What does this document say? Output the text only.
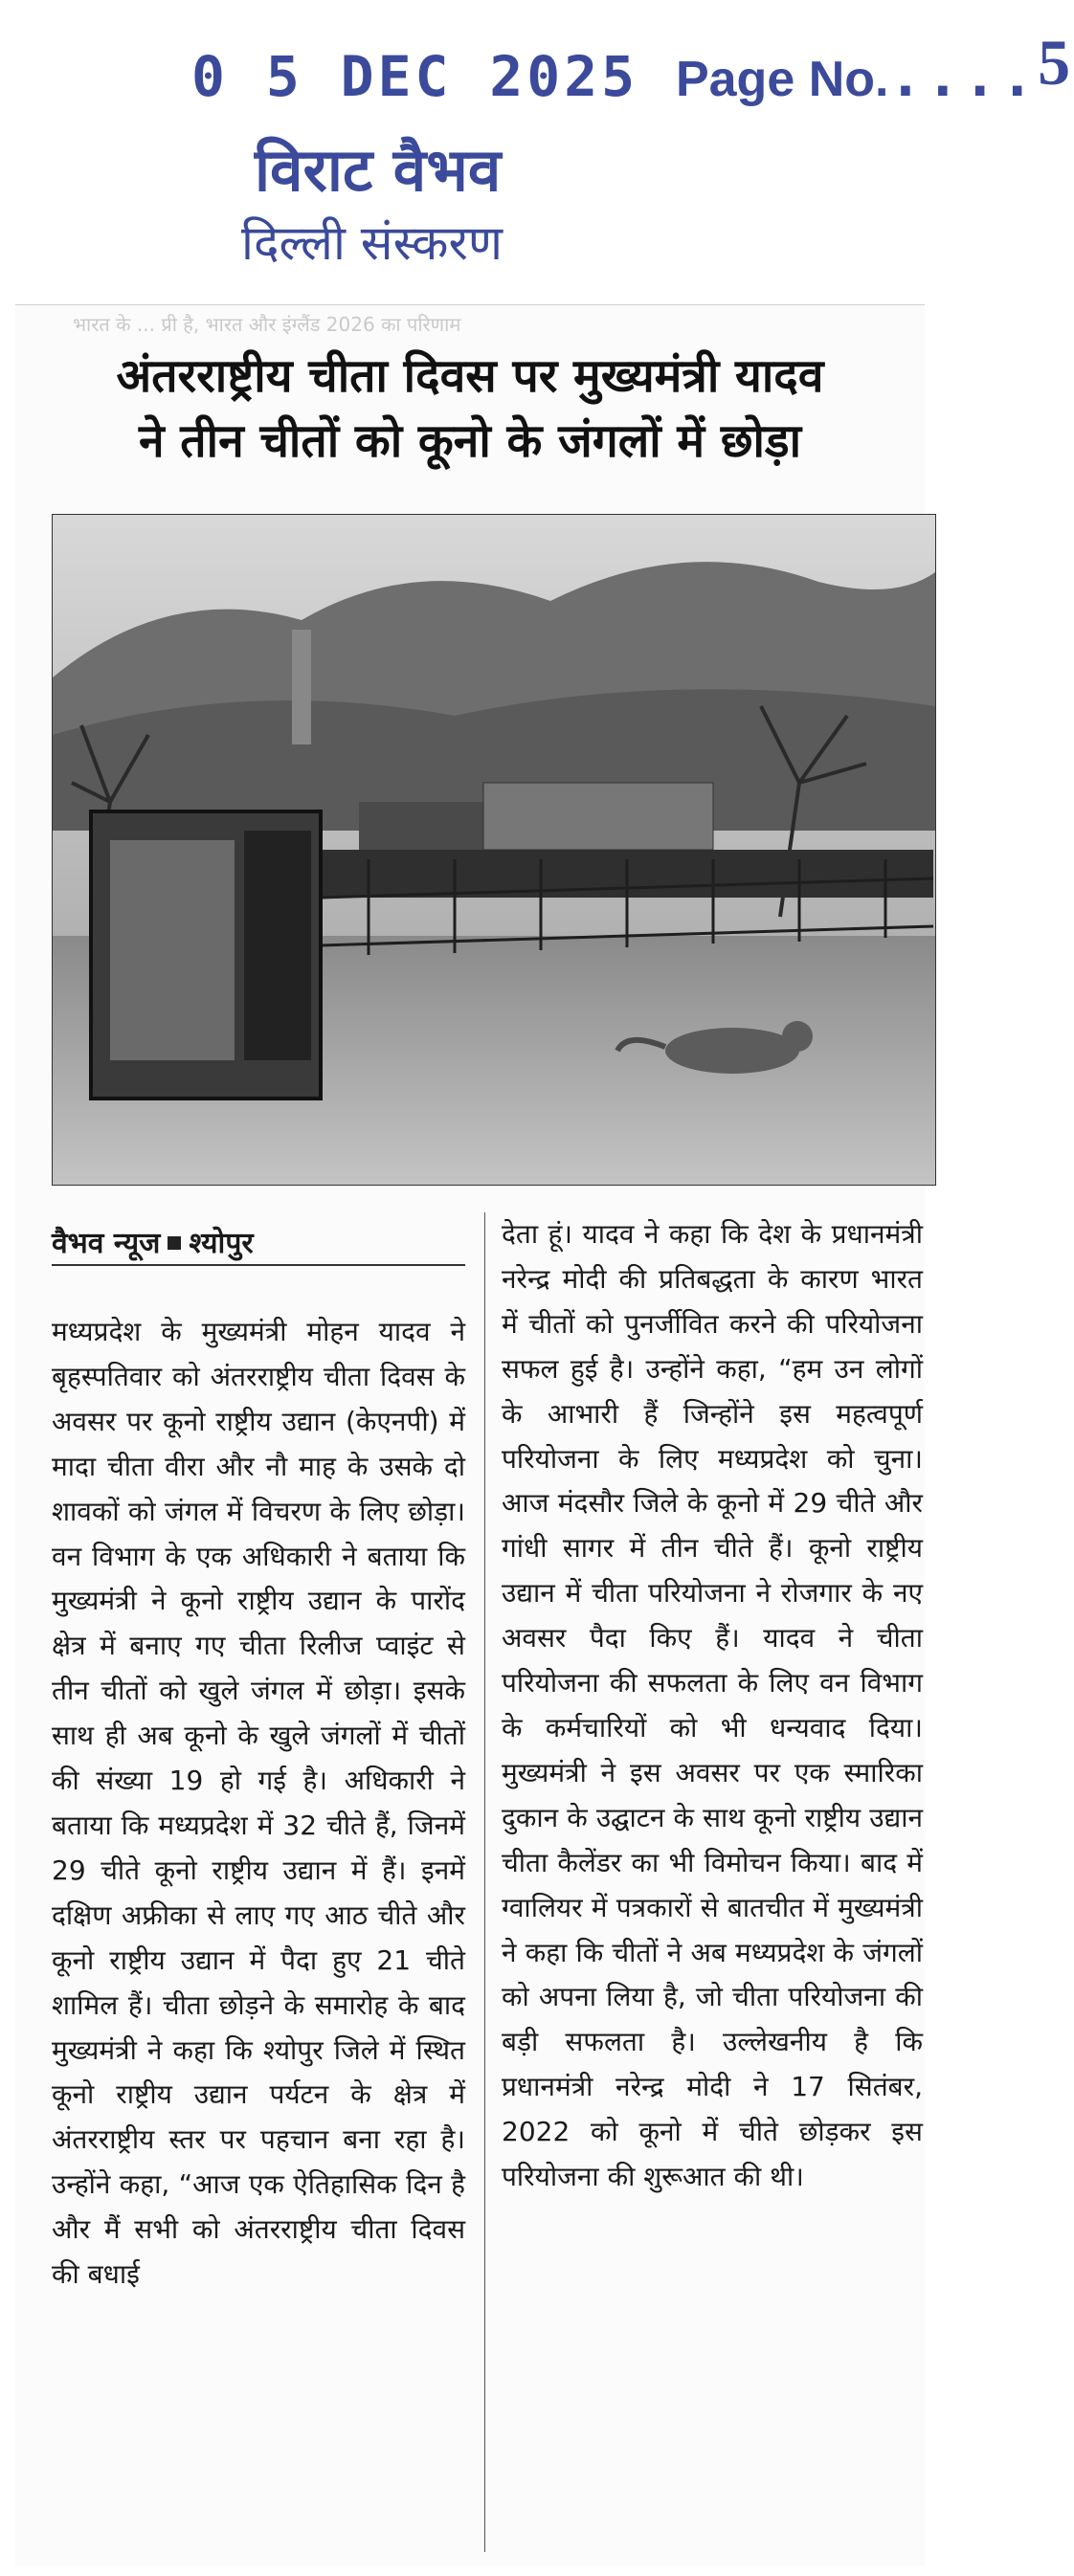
0 5 DEC 2025 Page No.....5
विराट वैभव
दिल्ली संस्करण
भारत के ... प्री है, भारत और इंग्लैंड 2026 का परिणाम
अंतरराष्ट्रीय चीता दिवस पर मुख्यमंत्री यादव
ने तीन चीतों को कूनो के जंगलों में छोड़ा
वैभव न्यूज श्योपुर
मध्यप्रदेश के मुख्यमंत्री मोहन यादव ने बृहस्पतिवार को अंतरराष्ट्रीय चीता दिवस के अवसर पर कूनो राष्ट्रीय उद्यान (केएनपी) में मादा चीता वीरा और नौ माह के उसके दो शावकों को जंगल में विचरण के लिए छोड़ा। वन विभाग के एक अधिकारी ने बताया कि मुख्यमंत्री ने कूनो राष्ट्रीय उद्यान के पारोंद क्षेत्र में बनाए गए चीता रिलीज प्वाइंट से तीन चीतों को खुले जंगल में छोड़ा। इसके साथ ही अब कूनो के खुले जंगलों में चीतों की संख्या 19 हो गई है। अधिकारी ने बताया कि मध्यप्रदेश में 32 चीते हैं, जिनमें 29 चीते कूनो राष्ट्रीय उद्यान में हैं। इनमें दक्षिण अफ्रीका से लाए गए आठ चीते और कूनो राष्ट्रीय उद्यान में पैदा हुए 21 चीते शामिल हैं। चीता छोड़ने के समारोह के बाद मुख्यमंत्री ने कहा कि श्योपुर जिले में स्थित कूनो राष्ट्रीय उद्यान पर्यटन के क्षेत्र में अंतरराष्ट्रीय स्तर पर पहचान बना रहा है। उन्होंने कहा, “आज एक ऐतिहासिक दिन है और मैं सभी को अंतरराष्ट्रीय चीता दिवस की बधाई
देता हूं। यादव ने कहा कि देश के प्रधानमंत्री नरेन्द्र मोदी की प्रतिबद्धता के कारण भारत में चीतों को पुनर्जीवित करने की परियोजना सफल हुई है। उन्होंने कहा, “हम उन लोगों के आभारी हैं जिन्होंने इस महत्वपूर्ण परियोजना के लिए मध्यप्रदेश को चुना। आज मंदसौर जिले के कूनो में 29 चीते और गांधी सागर में तीन चीते हैं। कूनो राष्ट्रीय उद्यान में चीता परियोजना ने रोजगार के नए अवसर पैदा किए हैं। यादव ने चीता परियोजना की सफलता के लिए वन विभाग के कर्मचारियों को भी धन्यवाद दिया। मुख्यमंत्री ने इस अवसर पर एक स्मारिका दुकान के उद्घाटन के साथ कूनो राष्ट्रीय उद्यान चीता कैलेंडर का भी विमोचन किया। बाद में ग्वालियर में पत्रकारों से बातचीत में मुख्यमंत्री ने कहा कि चीतों ने अब मध्यप्रदेश के जंगलों को अपना लिया है, जो चीता परियोजना की बड़ी सफलता है। उल्लेखनीय है कि प्रधानमंत्री नरेन्द्र मोदी ने 17 सितंबर, 2022 को कूनो में चीते छोड़कर इस परियोजना की शुरूआत की थी।
